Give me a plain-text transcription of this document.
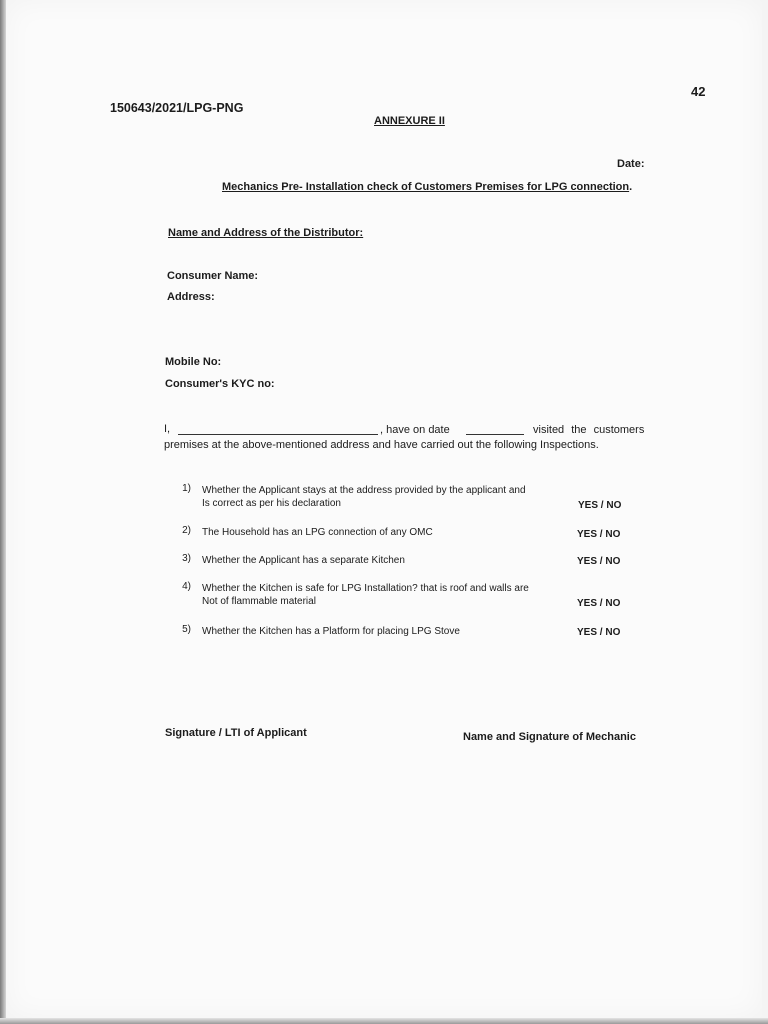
42
150643/2021/LPG-PNG
ANNEXURE II
Date:
Mechanics Pre- Installation check of Customers Premises for LPG connection.
Name and Address of the Distributor:
Consumer Name:
Address:
Mobile No:
Consumer's KYC no:
I,	, have on date	visited the customers
premises at the above-mentioned address and have carried out the following Inspections.
1) Whether the Applicant stays at the address provided by the applicant and
Is correct as per his declaration	YES / NO
2) The Household has an LPG connection of any OMC	YES / NO
3) Whether the Applicant has a separate Kitchen	YES / NO
4) Whether the Kitchen is safe for LPG Installation? that is roof and walls are
Not of flammable material	YES / NO
5) Whether the Kitchen has a Platform for placing LPG Stove	YES / NO
Signature / LTI of Applicant	Name and Signature of Mechanic
